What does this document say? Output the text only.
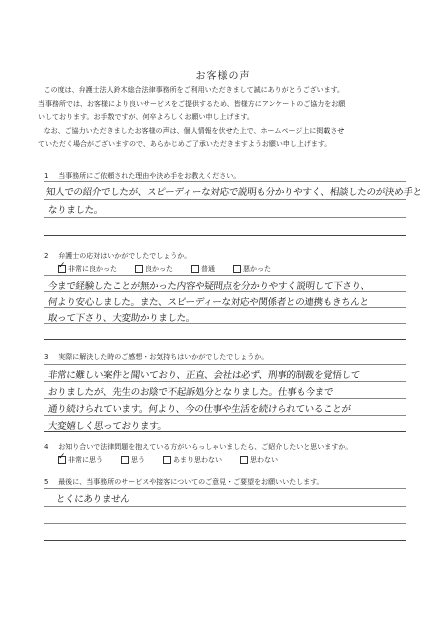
お客様の声

この度は、弁護士法人鈴木総合法律事務所をご利用いただきまして誠にありがとうございます。

当事務所では、お客様により良いサービスをご提供するため、皆様方にアンケートのご協力をお願

いしております。お手数ですが、何卒よろしくお願い申し上げます。

なお、ご協力いただきましたお客様の声は、個人情報を伏せた上で、ホームページ上に掲載させ

ていただく場合がございますので、あらかじめご了承いただきますようお願い申し上げます。

1 当事務所にご依頼された理由や決め手をお教えください。
知人での紹介でしたが、スピーディーな対応で説明も分かりやすく、相談したのが決め手と
なりました。
2 弁護士の応対はいかがでしたでしょうか。
✓
非常に良かった	良かった	普通	悪かった
今まで経験したことが無かった内容や疑問点を分かりやすく説明して下さり、
何より安心しました。また、スピーディーな対応や関係者との連携もきちんと
取って下さり、大変助かりました。
3 実際に解決した時のご感想・お気持ちはいかがでしたでしょうか。
非常に難しい案件と聞いており、正直、会社は必ず、刑事的制裁を覚悟して
おりましたが、先生のお陰で不起訴処分となりました。仕事も今まで
通り続けられています。何より、今の仕事や生活を続けられていることが
大変嬉しく思っております。
4 お知り合いで法律問題を抱えている方がいらっしゃいましたら、ご紹介したいと思いますか。
✓
非常に思う	思う	あまり思わない	思わない
5 最後に、当事務所のサービスや接客についてのご意見・ご要望をお願いいたします。
とくにありません
